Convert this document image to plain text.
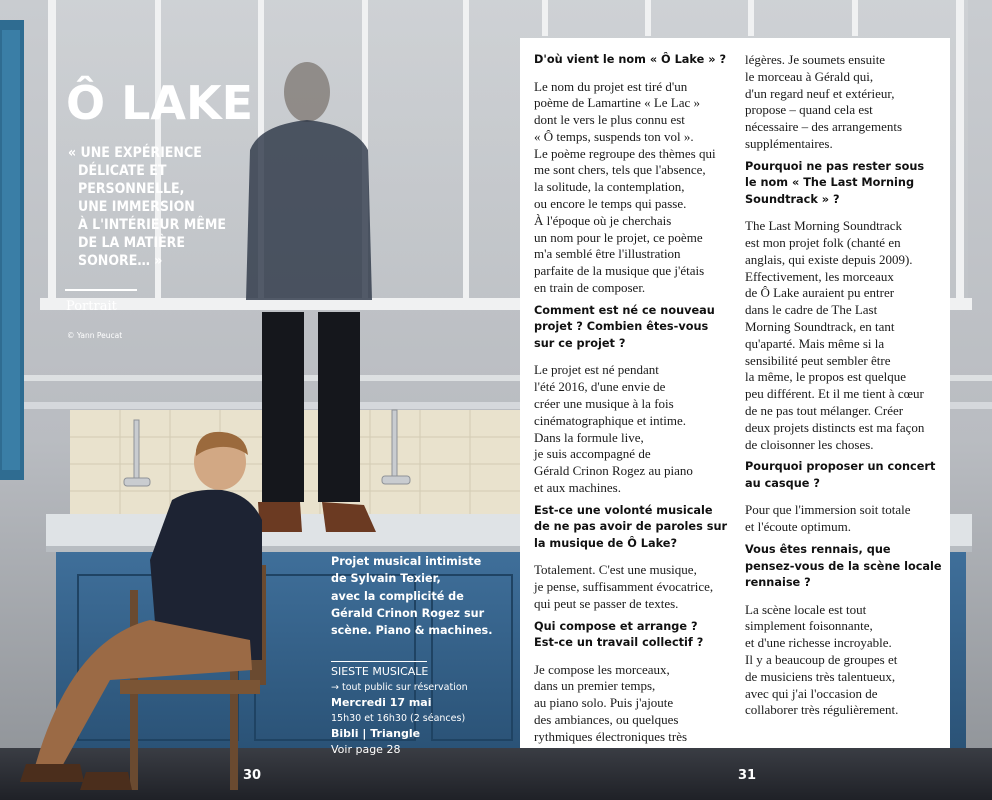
Ô LAKE

« UNE EXPÉRIENCE
DÉLICATE ET
PERSONNELLE,
UNE IMMERSION
À L'INTÉRIEUR MÊME
DE LA MATIÈRE
SONORE… »

Portrait
© Yann Peucat

Projet musical intimiste
de Sylvain Texier,
avec la complicité de
Gérald Crinon Rogez sur
scène. Piano & machines.

SIESTE MUSICALE
→ tout public sur réservation
Mercredi 17 mai
15h30 et 16h30 (2 séances)
Bibli | Triangle
Voir page 28
30	31

D'où vient le nom « Ô Lake » ?

Le nom du projet est tiré d'un
poème de Lamartine « Le Lac »
dont le vers le plus connu est
« Ô temps, suspends ton vol ».
Le poème regroupe des thèmes qui
me sont chers, tels que l'absence,
la solitude, la contemplation,
ou encore le temps qui passe.
À l'époque où je cherchais
un nom pour le projet, ce poème
m'a semblé être l'illustration
parfaite de la musique que j'étais
en train de composer.

Comment est né ce nouveau
projet ? Combien êtes-vous
sur ce projet ?

Le projet est né pendant
l'été 2016, d'une envie de
créer une musique à la fois
cinématographique et intime.
Dans la formule live,
je suis accompagné de
Gérald Crinon Rogez au piano
et aux machines.

Est-ce une volonté musicale
de ne pas avoir de paroles sur
la musique de Ô Lake?

Totalement. C'est une musique,
je pense, suffisamment évocatrice,
qui peut se passer de textes.

Qui compose et arrange ?
Est-ce un travail collectif ?

Je compose les morceaux,
dans un premier temps,
au piano solo. Puis j'ajoute
des ambiances, ou quelques
rythmiques électroniques très

légères. Je soumets ensuite
le morceau à Gérald qui,
d'un regard neuf et extérieur,
propose – quand cela est
nécessaire – des arrangements
supplémentaires.

Pourquoi ne pas rester sous
le nom « The Last Morning
Soundtrack » ?

The Last Morning Soundtrack
est mon projet folk (chanté en
anglais, qui existe depuis 2009).
Effectivement, les morceaux
de Ô Lake auraient pu entrer
dans le cadre de The Last
Morning Soundtrack, en tant
qu'aparté. Mais même si la
sensibilité peut sembler être
la même, le propos est quelque
peu différent. Et il me tient à cœur
de ne pas tout mélanger. Créer
deux projets distincts est ma façon
de cloisonner les choses.

Pourquoi proposer un concert
au casque ?

Pour que l'immersion soit totale
et l'écoute optimum.

Vous êtes rennais, que
pensez-vous de la scène locale
rennaise ?

La scène locale est tout
simplement foisonnante,
et d'une richesse incroyable.
Il y a beaucoup de groupes et
de musiciens très talentueux,
avec qui j'ai l'occasion de
collaborer très régulièrement.
